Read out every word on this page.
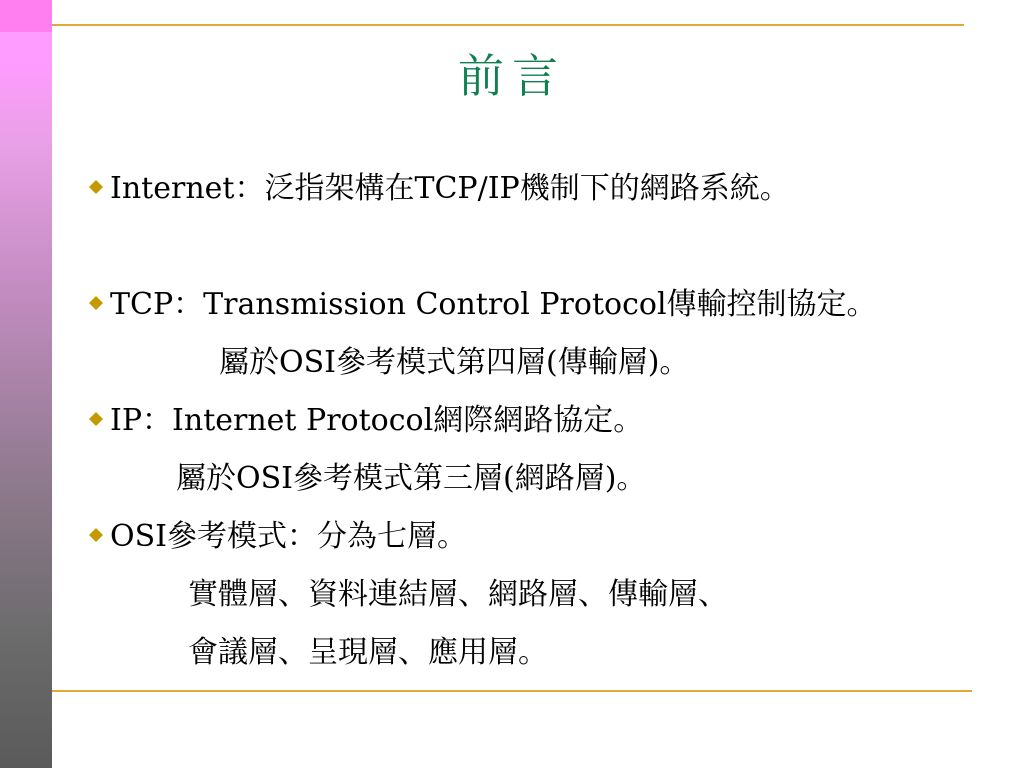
前言
Internet：泛指架構在TCP/IP機制下的網路系統。
TCP：Transmission Control Protocol傳輸控制協定。
屬於OSI參考模式第四層(傳輸層)。
IP：Internet Protocol網際網路協定。
屬於OSI參考模式第三層(網路層)。
OSI參考模式：分為七層。
實體層、資料連結層、網路層、傳輸層、
會議層、呈現層、應用層。
